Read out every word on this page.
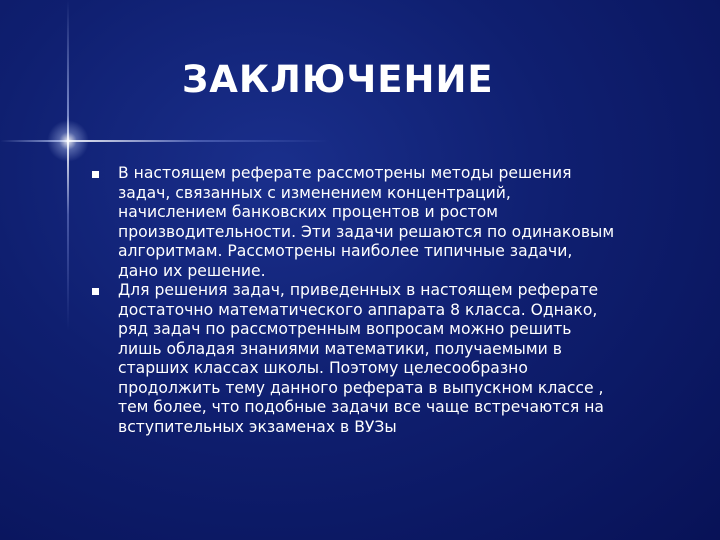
ЗАКЛЮЧЕНИЕ
В настоящем реферате рассмотрены методы решения
задач, связанных с изменением концентраций,
начислением банковских процентов и ростом
производительности. Эти задачи решаются по одинаковым
алгоритмам. Рассмотрены наиболее типичные задачи,
дано их решение.
Для решения задач, приведенных в настоящем реферате
достаточно математического аппарата 8 класса. Однако,
ряд задач по рассмотренным вопросам можно решить
лишь обладая знаниями математики, получаемыми в
старших классах школы. Поэтому целесообразно
продолжить тему данного реферата в выпускном классе ,
тем более, что подобные задачи все чаще встречаются на
вступительных экзаменах в ВУЗы
